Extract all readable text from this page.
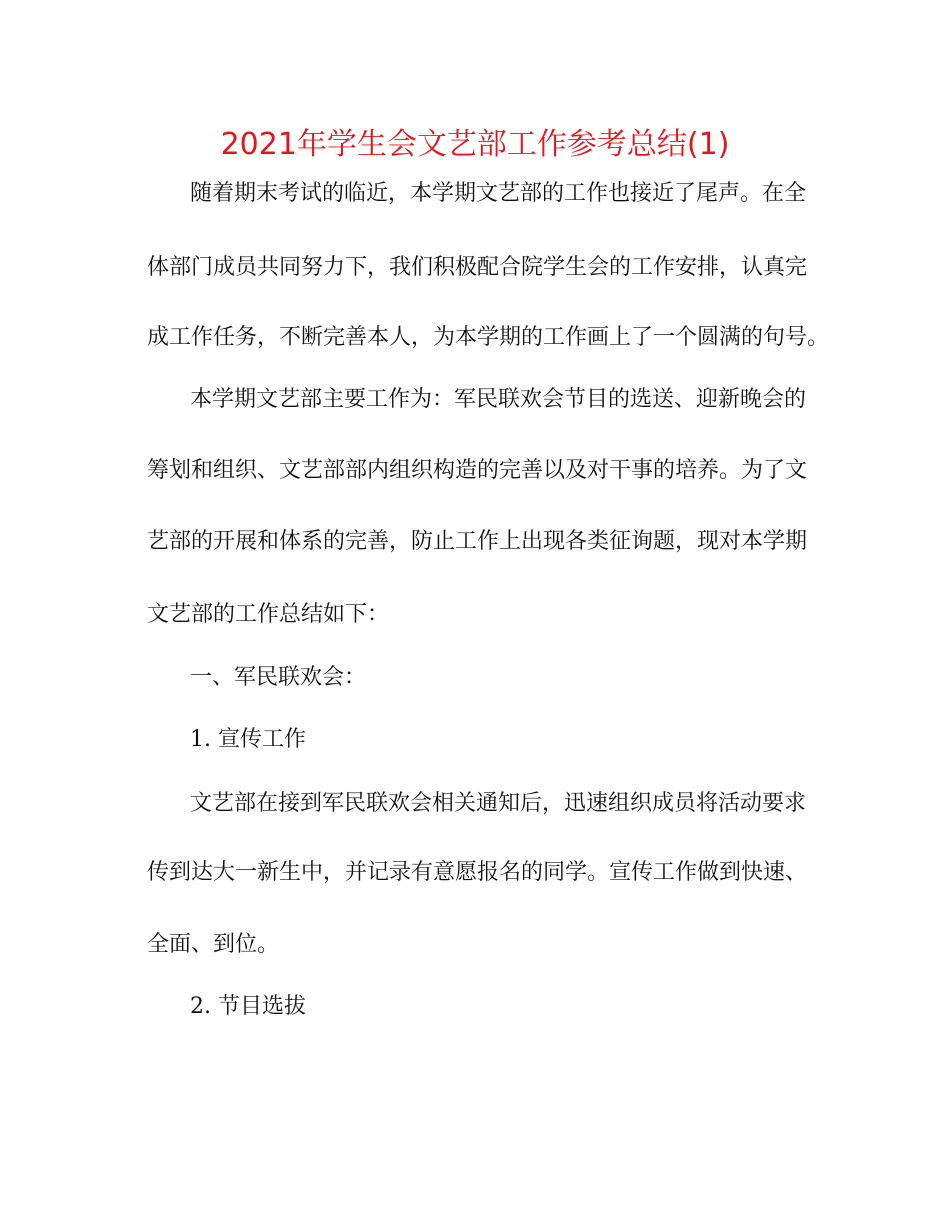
2021年学生会文艺部工作参考总结(1)
随着期末考试的临近，本学期文艺部的工作也接近了尾声。在全
体部门成员共同努力下，我们积极配合院学生会的工作安排，认真完
成工作任务，不断完善本人，为本学期的工作画上了一个圆满的句号。
本学期文艺部主要工作为：军民联欢会节目的选送、迎新晚会的
筹划和组织、文艺部部内组织构造的完善以及对干事的培养。为了文
艺部的开展和体系的完善，防止工作上出现各类征询题，现对本学期
文艺部的工作总结如下：
一、军民联欢会：
1. 宣传工作
文艺部在接到军民联欢会相关通知后，迅速组织成员将活动要求
传到达大一新生中，并记录有意愿报名的同学。宣传工作做到快速、
全面、到位。
2. 节目选拔
